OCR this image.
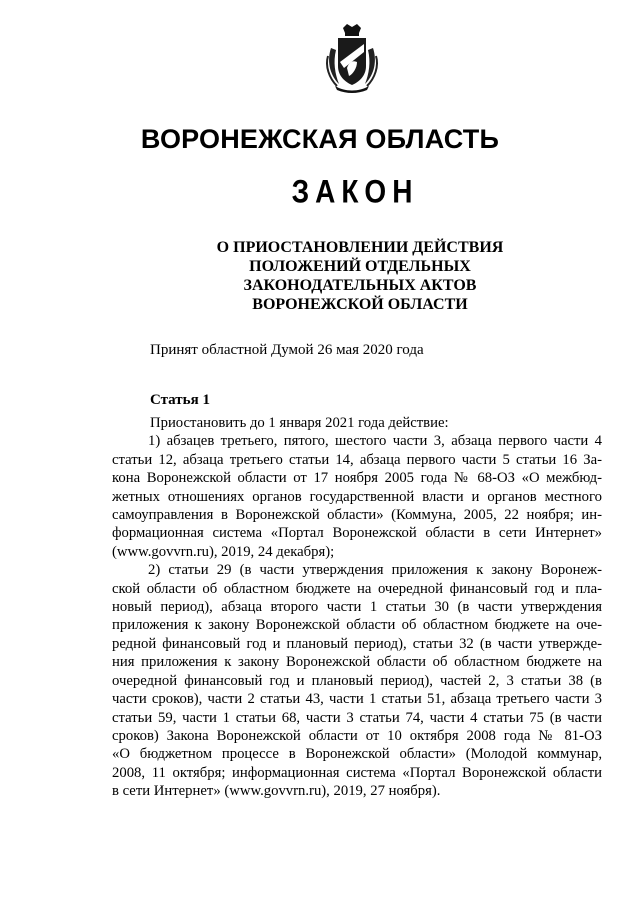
ВОРОНЕЖСКАЯ ОБЛАСТЬ
ЗАКОН
О ПРИОСТАНОВЛЕНИИ ДЕЙСТВИЯ
ПОЛОЖЕНИЙ ОТДЕЛЬНЫХ
ЗАКОНОДАТЕЛЬНЫХ АКТОВ
ВОРОНЕЖСКОЙ ОБЛАСТИ
Принят областной Думой 26 мая 2020 года
Статья 1
Приостановить до 1 января 2021 года действие:
1) абзацев третьего, пятого, шестого части 3, абзаца первого части 4
статьи 12, абзаца третьего статьи 14, абзаца первого части 5 статьи 16 За-
кона Воронежской области от 17 ноября 2005 года № 68-ОЗ «О межбюд-
жетных отношениях органов государственной власти и органов местного
самоуправления в Воронежской области» (Коммуна, 2005, 22 ноября; ин-
формационная система «Портал Воронежской области в сети Интернет»
(www.govvrn.ru), 2019, 24 декабря);
2) статьи 29 (в части утверждения приложения к закону Воронеж-
ской области об областном бюджете на очередной финансовый год и пла-
новый период), абзаца второго части 1 статьи 30 (в части утверждения
приложения к закону Воронежской области об областном бюджете на оче-
редной финансовый год и плановый период), статьи 32 (в части утвержде-
ния приложения к закону Воронежской области об областном бюджете на
очередной финансовый год и плановый период), частей 2, 3 статьи 38 (в
части сроков), части 2 статьи 43, части 1 статьи 51, абзаца третьего части 3
статьи 59, части 1 статьи 68, части 3 статьи 74, части 4 статьи 75 (в части
сроков) Закона Воронежской области от 10 октября 2008 года № 81-ОЗ
«О бюджетном процессе в Воронежской области» (Молодой коммунар,
2008, 11 октября; информационная система «Портал Воронежской области
в сети Интернет» (www.govvrn.ru), 2019, 27 ноября).
